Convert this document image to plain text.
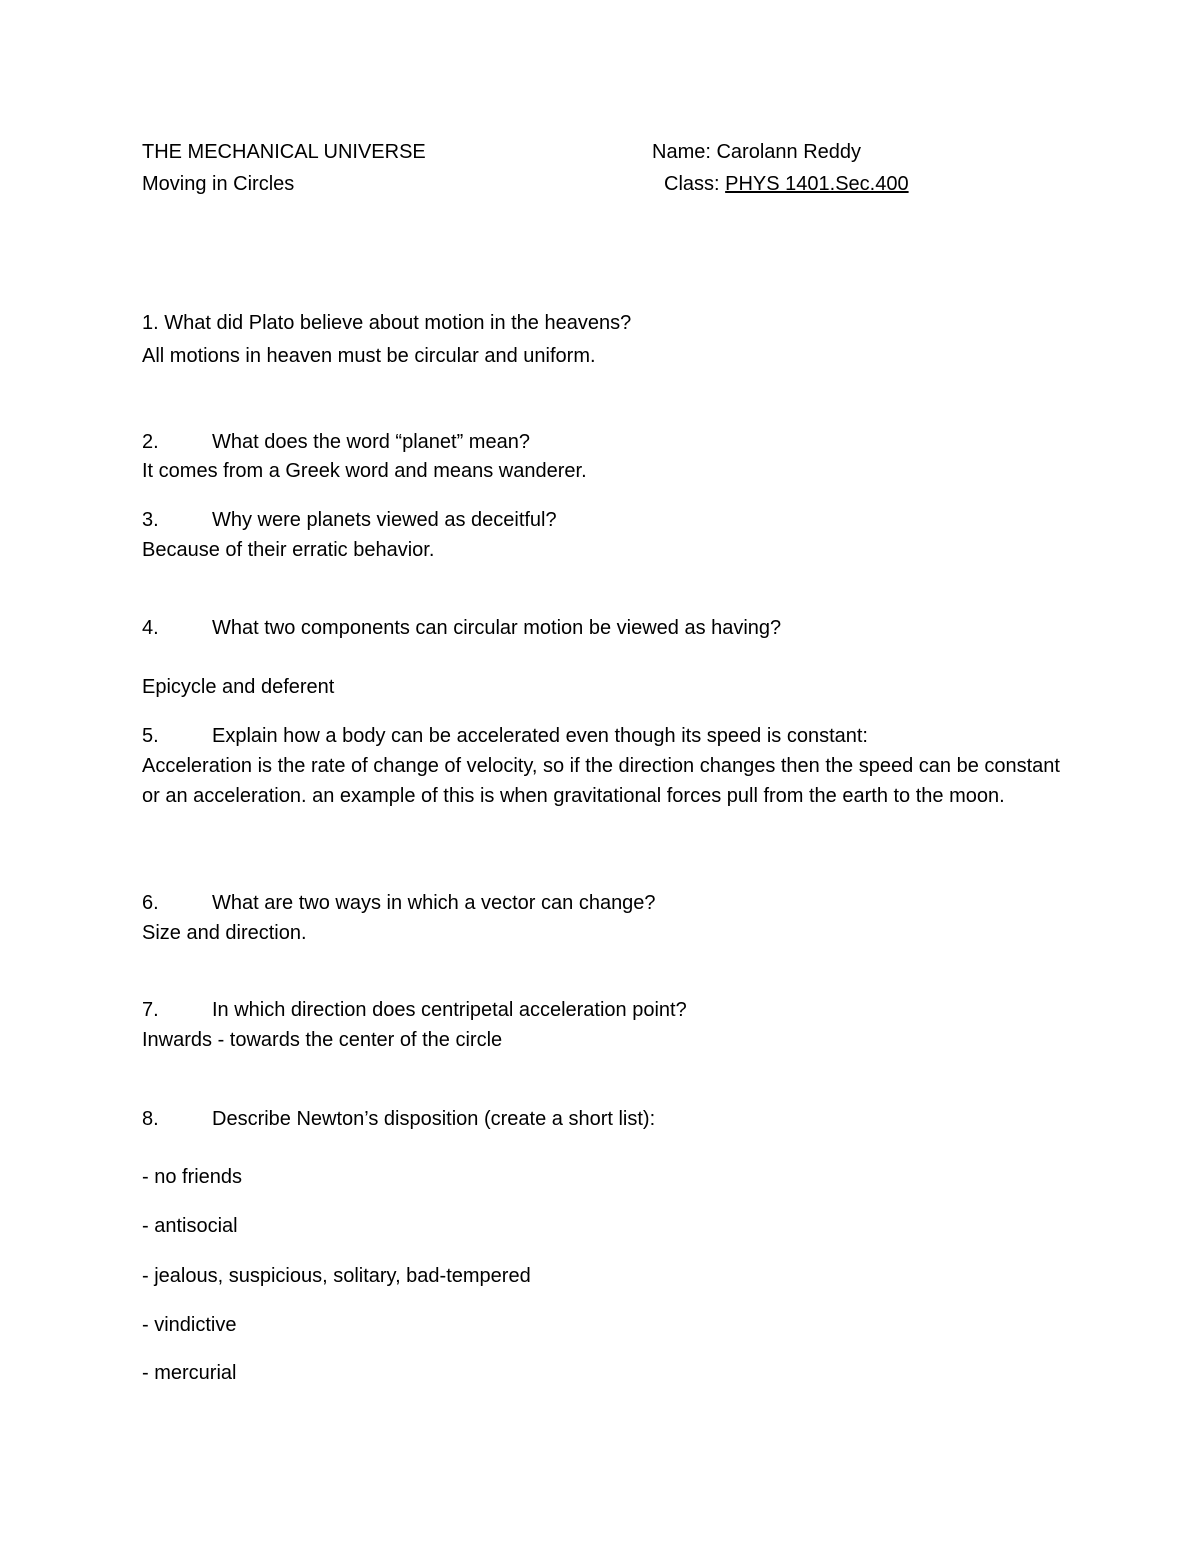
THE MECHANICAL UNIVERSE	Name: Carolann Reddy
Moving in Circles	Class: PHYS 1401.Sec.400
1. What did Plato believe about motion in the heavens?
All motions in heaven must be circular and uniform.
2.	What does the word “planet” mean?
It comes from a Greek word and means wanderer.
3.	Why were planets viewed as deceitful?
Because of their erratic behavior.
4.	What two components can circular motion be viewed as having?
Epicycle and deferent
5.	Explain how a body can be accelerated even though its speed is constant:
Acceleration is the rate of change of velocity, so if the direction changes then the speed can be constant or an acceleration. an example of this is when gravitational forces pull from the earth to the moon.
6.	What are two ways in which a vector can change?
Size and direction.
7.	In which direction does centripetal acceleration point?
Inwards - towards the center of the circle
8.	Describe Newton’s disposition (create a short list):
- no friends
- antisocial
- jealous, suspicious, solitary, bad-tempered
- vindictive
- mercurial
